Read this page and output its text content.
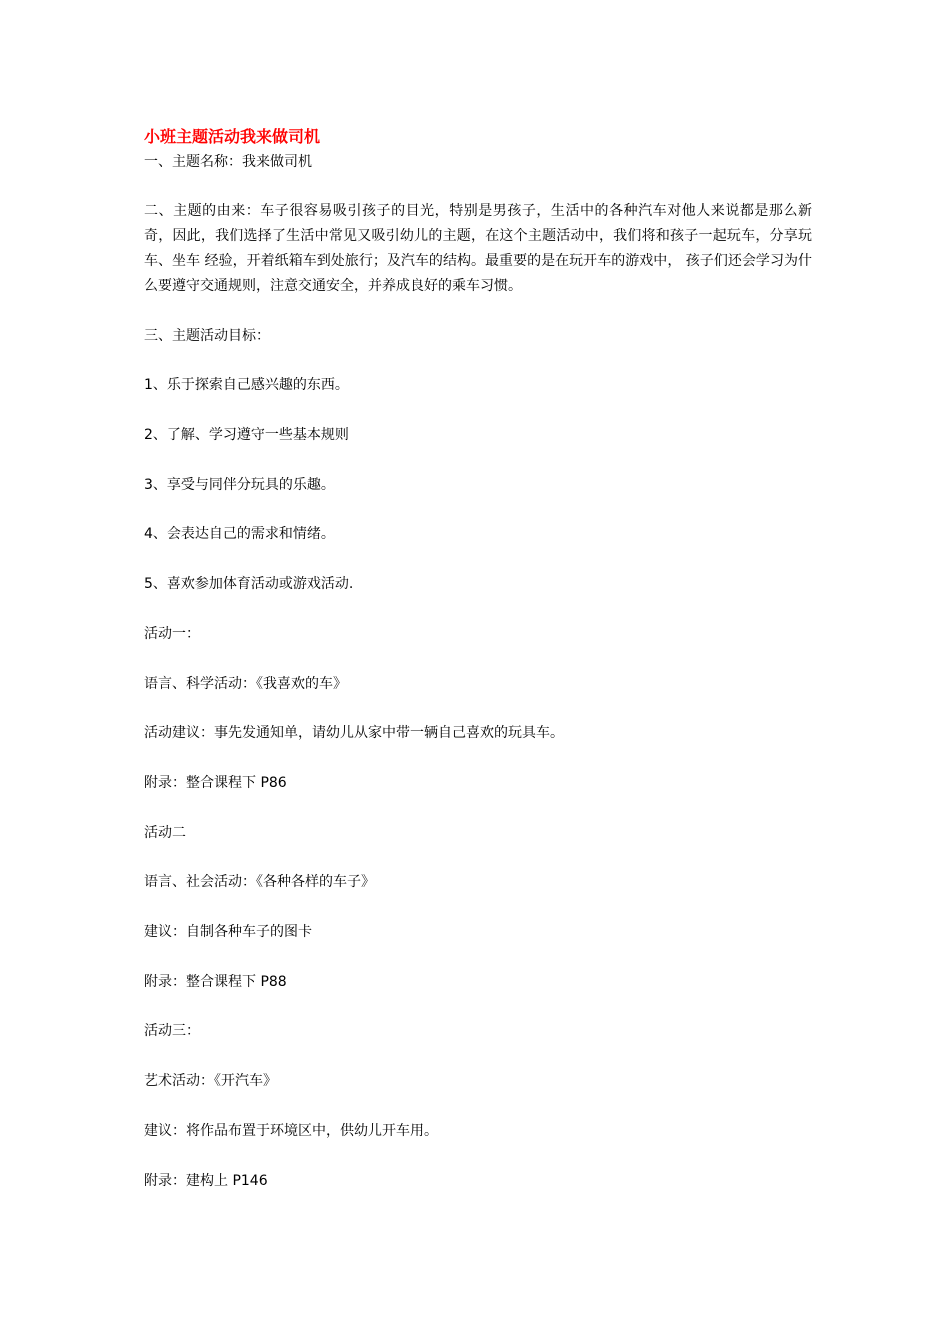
小班主题活动我来做司机
一、主题名称：我来做司机
二、主题的由来：车子很容易吸引孩子的目光，特别是男孩子，生活中的各种汽车对他人来说都是那么新奇，因此，我们选择了生活中常见又吸引幼儿的主题，在这个主题活动中，我们将和孩子一起玩车，分享玩车、坐车 经验，开着纸箱车到处旅行；及汽车的结构。最重要的是在玩开车的游戏中， 孩子们还会学习为什么要遵守交通规则，注意交通安全，并养成良好的乘车习惯。
三、主题活动目标：
1、乐于探索自己感兴趣的东西。
2、了解、学习遵守一些基本规则
3、享受与同伴分玩具的乐趣。
4、会表达自己的需求和情绪。
5、喜欢参加体育活动或游戏活动.
活动一：
语言、科学活动：《我喜欢的车》
活动建议：事先发通知单，请幼儿从家中带一辆自己喜欢的玩具车。
附录：整合课程下 P86
活动二
语言、社会活动：《各种各样的车子》
建议：自制各种车子的图卡
附录：整合课程下 P88
活动三：
艺术活动：《开汽车》
建议：将作品布置于环境区中，供幼儿开车用。
附录：建构上 P146
